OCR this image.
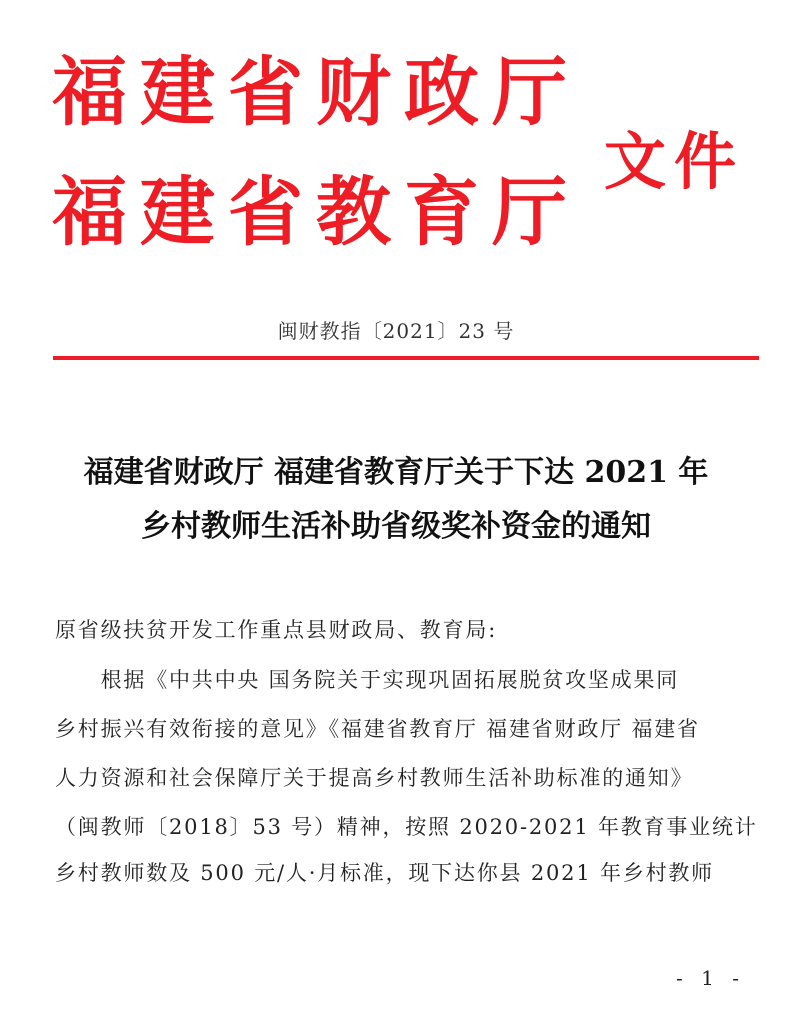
福建省财政厅
福建省教育厅
文件
闽财教指〔2021〕23 号
福建省财政厅 福建省教育厅关于下达 2021 年
乡村教师生活补助省级奖补资金的通知
原省级扶贫开发工作重点县财政局、教育局:
　　根据《中共中央 国务院关于实现巩固拓展脱贫攻坚成果同
乡村振兴有效衔接的意见》《福建省教育厅 福建省财政厅 福建省
人力资源和社会保障厅关于提高乡村教师生活补助标准的通知》
（闽教师〔2018〕53 号）精神，按照 2020-2021 年教育事业统计
乡村教师数及 500 元/人·月标准，现下达你县 2021 年乡村教师
- 1 -
